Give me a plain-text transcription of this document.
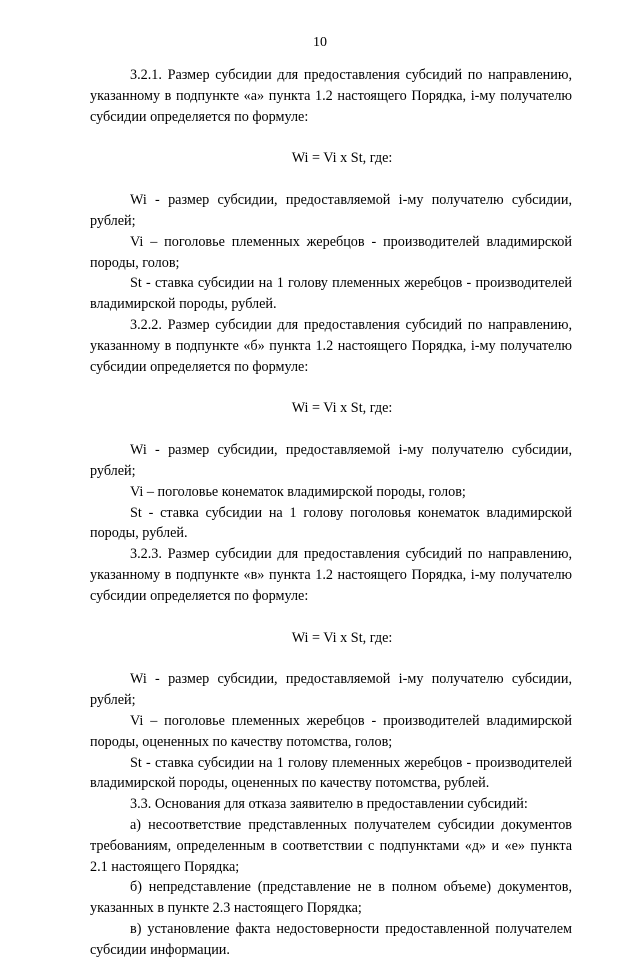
10

3.2.1. Размер субсидии для предоставления субсидий по направлению, указанному в подпункте «а» пункта 1.2 настоящего Порядка, i-му получателю субсидии определяется по формуле:

Wi = Vi x St, где:

Wi - размер субсидии, предоставляемой i-му получателю субсидии, рублей;

Vi – поголовье племенных жеребцов - производителей владимирской породы, голов;

St - ставка субсидии на 1 голову племенных жеребцов - производителей владимирской породы, рублей.

3.2.2. Размер субсидии для предоставления субсидий по направлению, указанному в подпункте «б» пункта 1.2 настоящего Порядка, i-му получателю субсидии определяется по формуле:

Wi = Vi x St, где:

Wi - размер субсидии, предоставляемой i-му получателю субсидии, рублей;

Vi – поголовье конематок владимирской породы, голов;

St - ставка субсидии на 1 голову поголовья конематок владимирской породы, рублей.

3.2.3. Размер субсидии для предоставления субсидий по направлению, указанному в подпункте «в» пункта 1.2 настоящего Порядка, i-му получателю субсидии определяется по формуле:

Wi = Vi x St, где:

Wi - размер субсидии, предоставляемой i-му получателю субсидии, рублей;

Vi – поголовье племенных жеребцов - производителей владимирской породы, оцененных по качеству потомства, голов;

St - ставка субсидии на 1 голову племенных жеребцов - производителей владимирской породы, оцененных по качеству потомства, рублей.

3.3. Основания для отказа заявителю в предоставлении субсидий:

а) несоответствие представленных получателем субсидии документов требованиям, определенным в соответствии с подпунктами «д» и «е» пункта 2.1 настоящего Порядка;

б) непредставление (представление не в полном объеме) документов, указанных в пункте 2.3 настоящего Порядка;

в) установление факта недостоверности предоставленной получателем субсидии информации.
